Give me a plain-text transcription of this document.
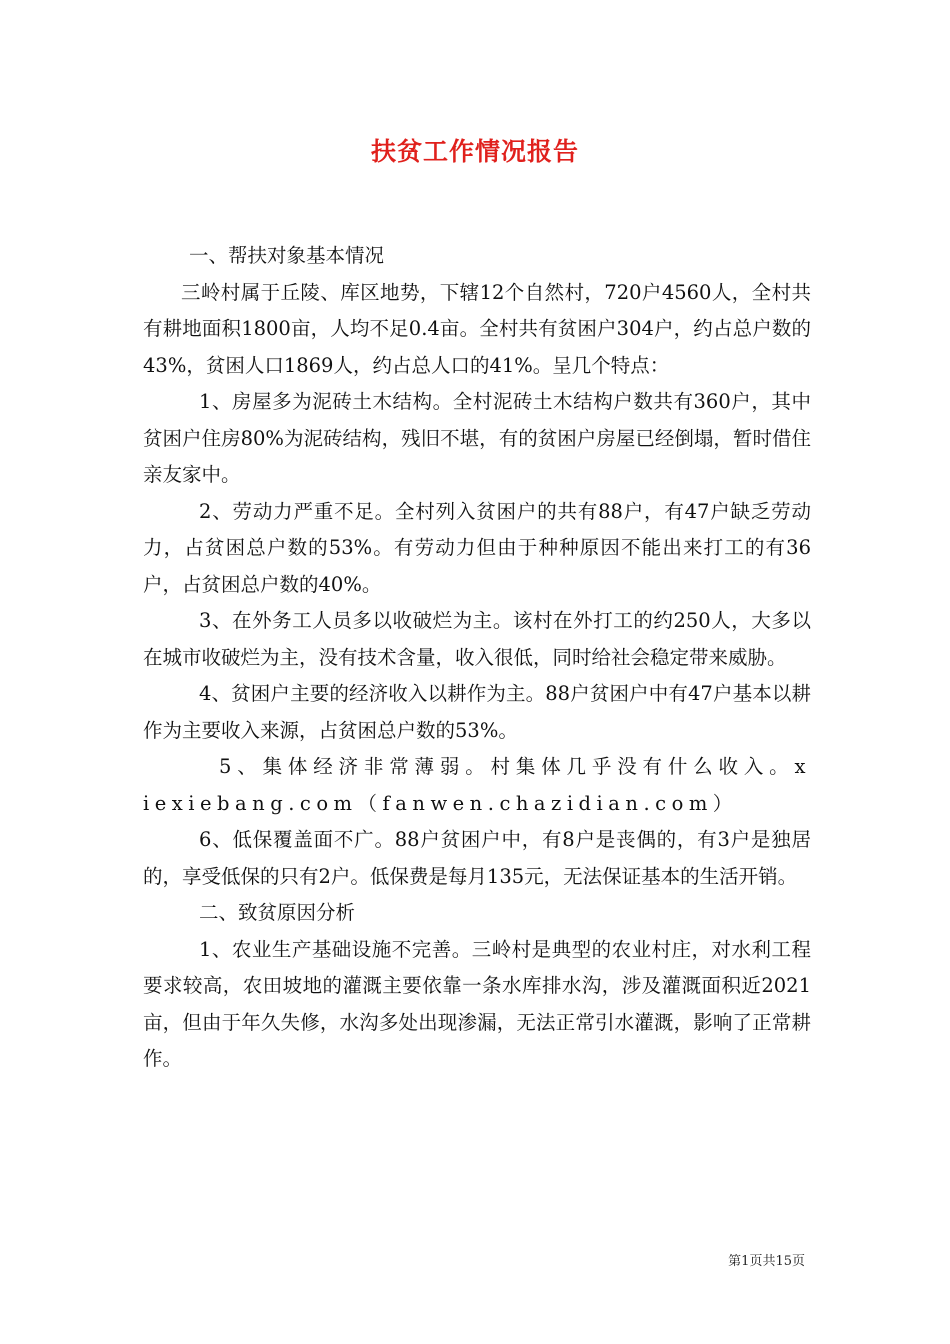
扶贫工作情况报告

一、帮扶对象基本情况

三岭村属于丘陵、库区地势，下辖12个自然村，720户4560人，全村共有耕地面积1800亩，人均不足0.4亩。全村共有贫困户304户，约占总户数的43%，贫困人口1869人，约占总人口的41%。呈几个特点：

1、房屋多为泥砖土木结构。全村泥砖土木结构户数共有360户，其中贫困户住房80%为泥砖结构，残旧不堪，有的贫困户房屋已经倒塌，暂时借住亲友家中。

2、劳动力严重不足。全村列入贫困户的共有88户，有47户缺乏劳动力，占贫困总户数的53%。有劳动力但由于种种原因不能出来打工的有36户，占贫困总户数的40%。

3、在外务工人员多以收破烂为主。该村在外打工的约250人，大多以在城市收破烂为主，没有技术含量，收入很低，同时给社会稳定带来威胁。

4、贫困户主要的经济收入以耕作为主。88户贫困户中有47户基本以耕作为主要收入来源，占贫困总户数的53%。

5、集体经济非常薄弱。村集体几乎没有什么收入。xiexiebang.com（fanwen.chazidian.com）

6、低保覆盖面不广。88户贫困户中，有8户是丧偶的，有3户是独居的，享受低保的只有2户。低保费是每月135元，无法保证基本的生活开销。

二、致贫原因分析

1、农业生产基础设施不完善。三岭村是典型的农业村庄，对水利工程要求较高，农田坡地的灌溉主要依靠一条水库排水沟，涉及灌溉面积近2021亩，但由于年久失修，水沟多处出现渗漏，无法正常引水灌溉，影响了正常耕作。

第1页共15页
